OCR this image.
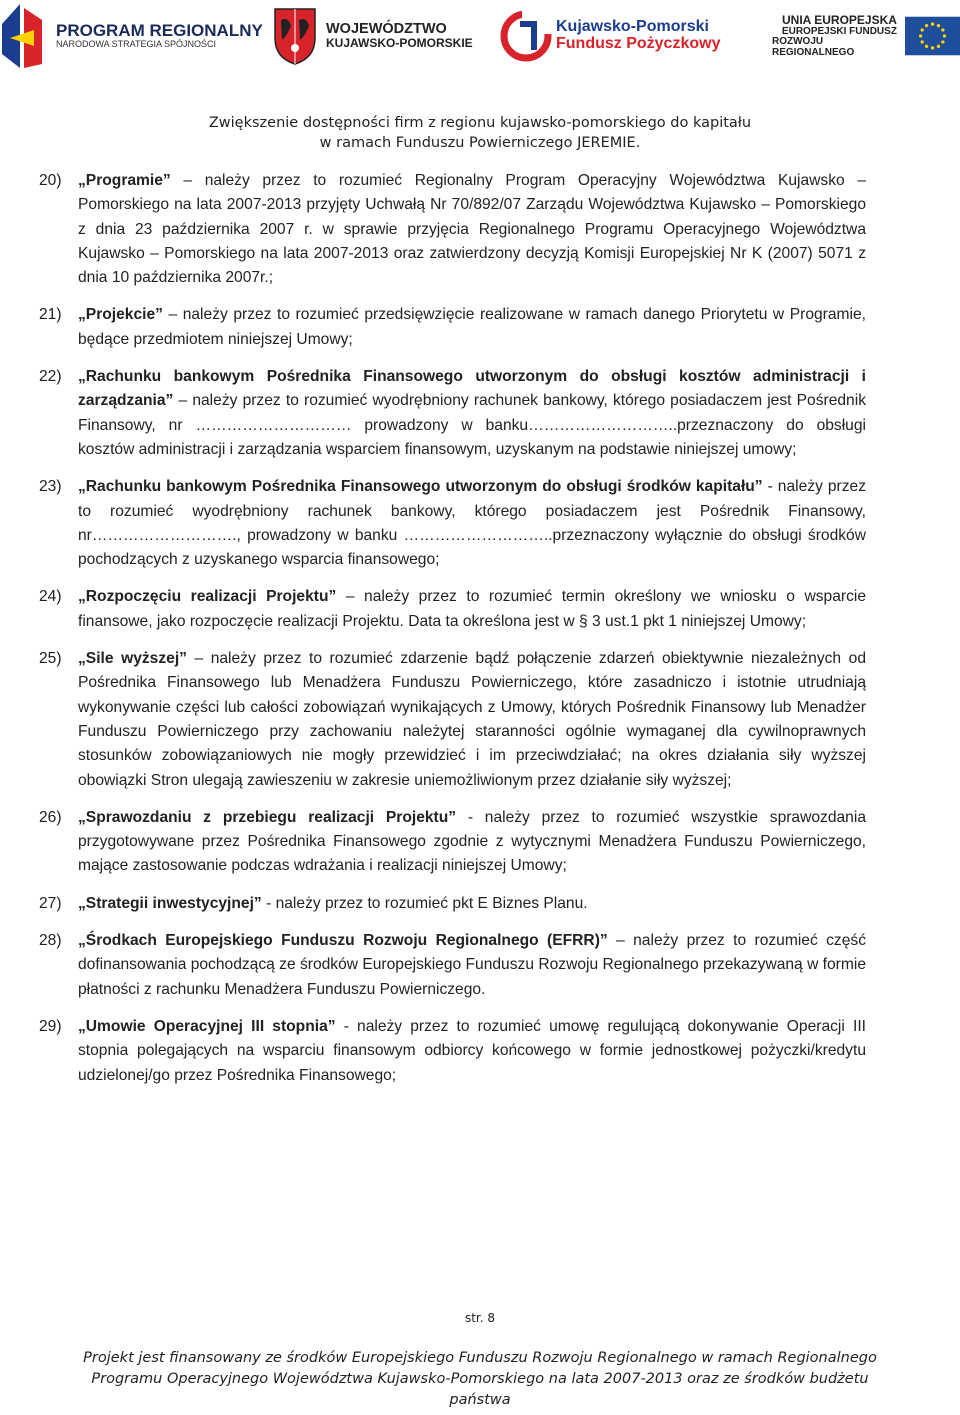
PROGRAM REGIONALNY
NARODOWA STRATEGIA SPÓJNOŚCI
WOJEWÓDZTWO
KUJAWSKO-POMORSKIE
Kujawsko-Pomorski
Fundusz Pożyczkowy
UNIA EUROPEJSKA
EUROPEJSKI FUNDUSZ
ROZWOJU REGIONALNEGO
Zwiększenie dostępności firm z regionu kujawsko-pomorskiego do kapitału
w ramach Funduszu Powierniczego JEREMIE.
20) „Programie” – należy przez to rozumieć Regionalny Program Operacyjny Województwa Kujawsko – Pomorskiego na lata 2007-2013 przyjęty Uchwałą Nr 70/892/07 Zarządu Województwa Kujawsko – Pomorskiego z dnia 23 października 2007 r. w sprawie przyjęcia Regionalnego Programu Operacyjnego Województwa Kujawsko – Pomorskiego na lata 2007-2013 oraz zatwierdzony decyzją Komisji Europejskiej Nr K (2007) 5071 z dnia 10 października 2007r.;
21) „Projekcie” – należy przez to rozumieć przedsięwzięcie realizowane w ramach danego Priorytetu w Programie, będące przedmiotem niniejszej Umowy;
22) „Rachunku bankowym Pośrednika Finansowego utworzonym do obsługi kosztów administracji i zarządzania” – należy przez to rozumieć wyodrębniony rachunek bankowy, którego posiadaczem jest Pośrednik Finansowy, nr ………………………… prowadzony w banku………………………..przeznaczony do obsługi kosztów administracji i zarządzania wsparciem finansowym, uzyskanym na podstawie niniejszej umowy;
23) „Rachunku bankowym Pośrednika Finansowego utworzonym do obsługi środków kapitału” - należy przez to rozumieć wyodrębniony rachunek bankowy, którego posiadaczem jest Pośrednik Finansowy, nr………………………., prowadzony w banku ………………………..przeznaczony wyłącznie do obsługi środków pochodzących z uzyskanego wsparcia finansowego;
24) „Rozpoczęciu realizacji Projektu” – należy przez to rozumieć termin określony we wniosku o wsparcie finansowe, jako rozpoczęcie realizacji Projektu. Data ta określona jest w § 3 ust.1 pkt 1 niniejszej Umowy;
25) „Sile wyższej” – należy przez to rozumieć zdarzenie bądź połączenie zdarzeń obiektywnie niezależnych od Pośrednika Finansowego lub Menadżera Funduszu Powierniczego, które zasadniczo i istotnie utrudniają wykonywanie części lub całości zobowiązań wynikających z Umowy, których Pośrednik Finansowy lub Menadżer Funduszu Powierniczego przy zachowaniu należytej staranności ogólnie wymaganej dla cywilnoprawnych stosunków zobowiązaniowych nie mogły przewidzieć i im przeciwdziałać; na okres działania siły wyższej obowiązki Stron ulegają zawieszeniu w zakresie uniemożliwionym przez działanie siły wyższej;
26) „Sprawozdaniu z przebiegu realizacji Projektu” - należy przez to rozumieć wszystkie sprawozdania przygotowywane przez Pośrednika Finansowego zgodnie z wytycznymi Menadżera Funduszu Powierniczego, mające zastosowanie podczas wdrażania i realizacji niniejszej Umowy;
27) „Strategii inwestycyjnej” - należy przez to rozumieć pkt E Biznes Planu.
28) „Środkach Europejskiego Funduszu Rozwoju Regionalnego (EFRR)” – należy przez to rozumieć część dofinansowania pochodzącą ze środków Europejskiego Funduszu Rozwoju Regionalnego przekazywaną w formie płatności z rachunku Menadżera Funduszu Powierniczego.
29) „Umowie Operacyjnej III stopnia” - należy przez to rozumieć umowę regulującą dokonywanie Operacji III stopnia polegających na wsparciu finansowym odbiorcy końcowego w formie jednostkowej pożyczki/kredytu udzielonej/go przez Pośrednika Finansowego;
str. 8
Projekt jest finansowany ze środków Europejskiego Funduszu Rozwoju Regionalnego w ramach Regionalnego
Programu Operacyjnego Województwa Kujawsko-Pomorskiego na lata 2007-2013 oraz ze środków budżetu
państwa
